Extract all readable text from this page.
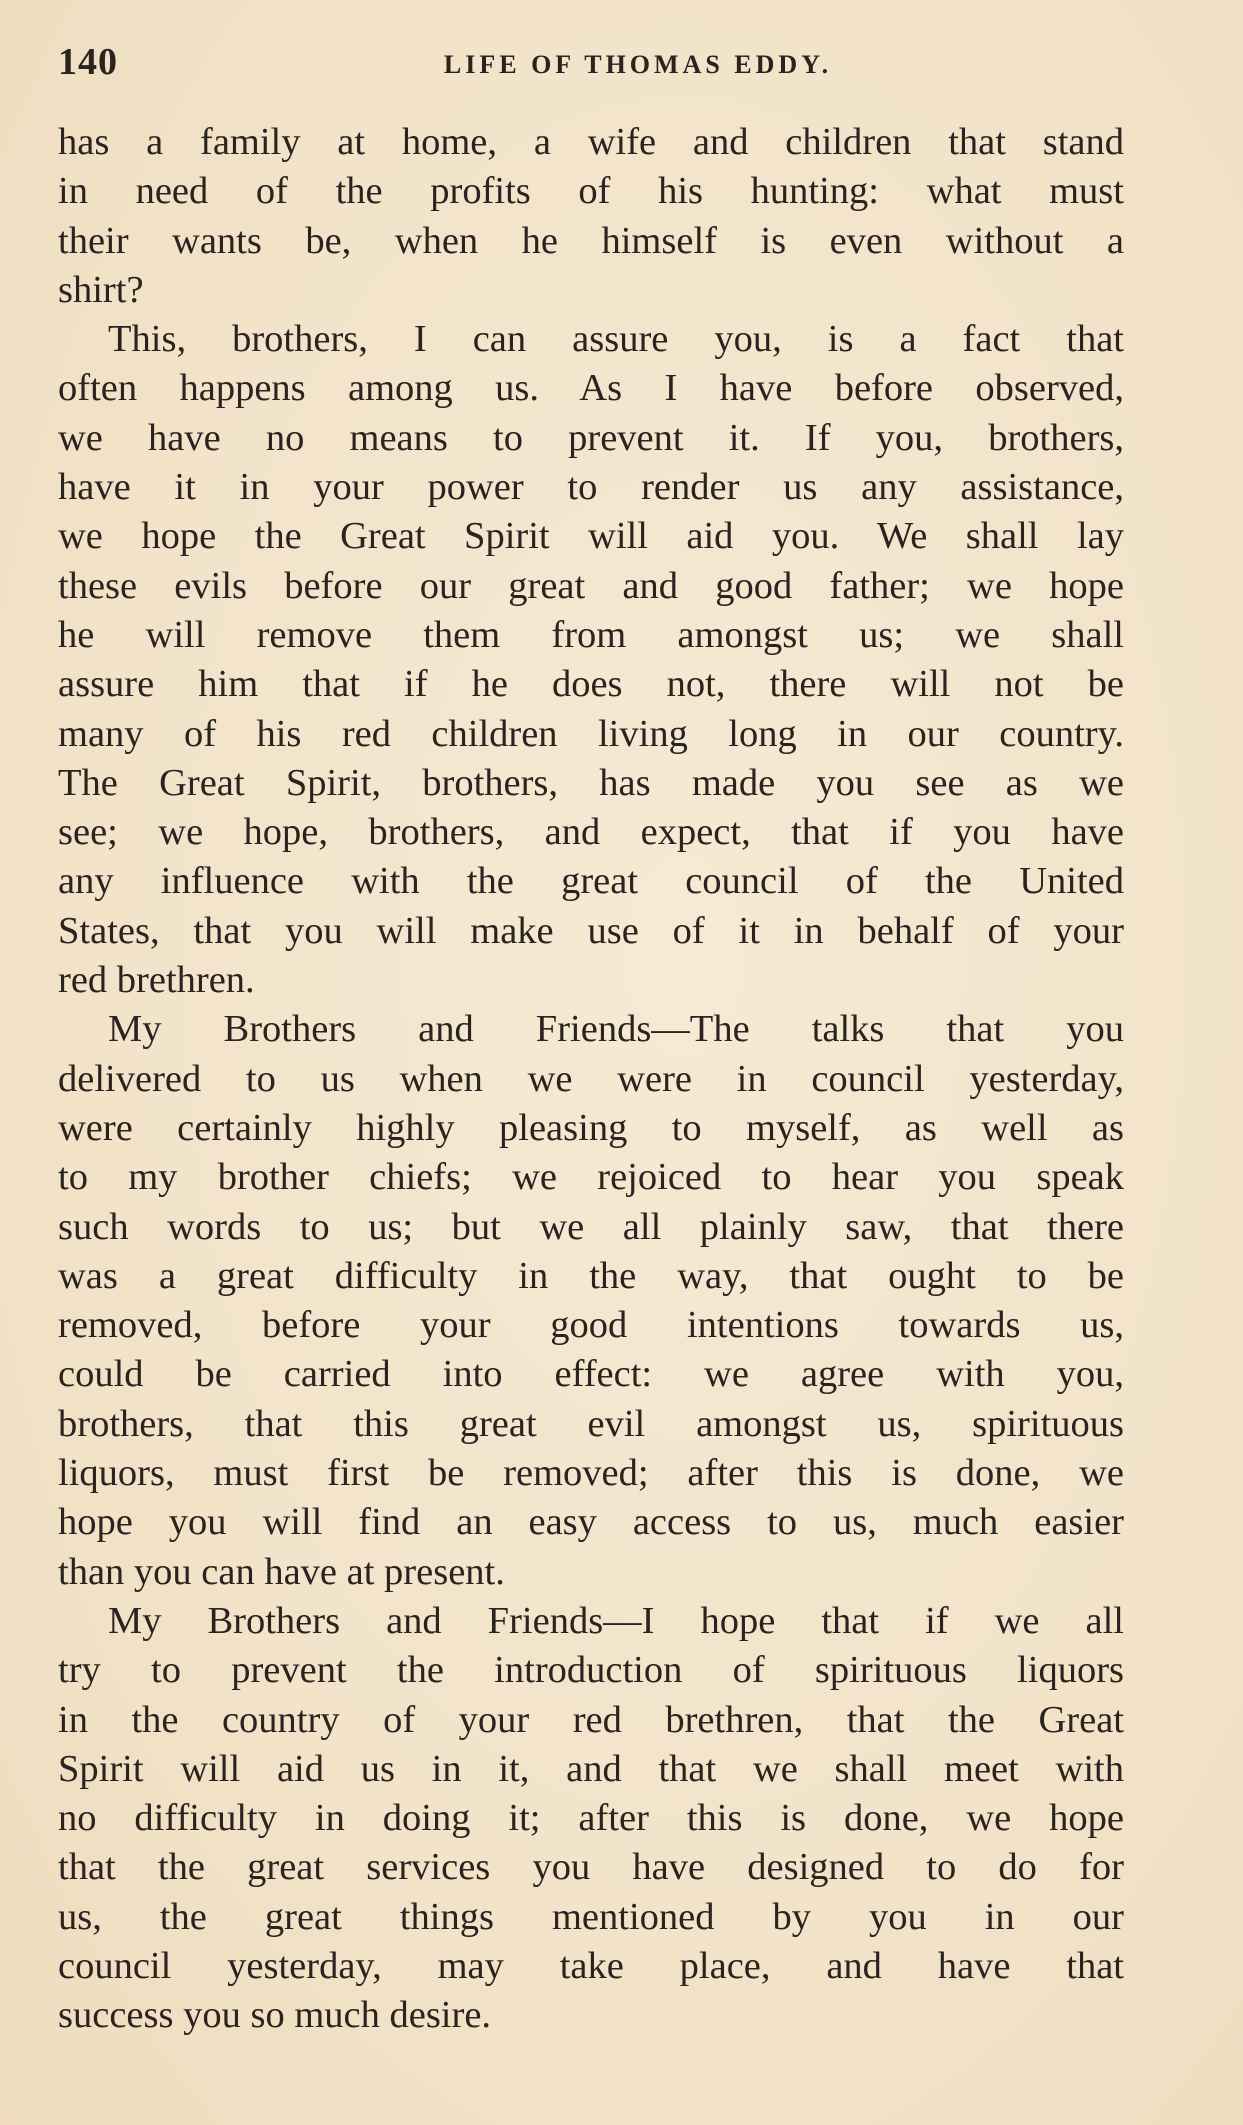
140	LIFE OF THOMAS EDDY.
has a family at home, a wife and children that stand
in need of the profits of his hunting: what must
their wants be, when he himself is even without a
shirt?
This, brothers, I can assure you, is a fact that
often happens among us. As I have before observed,
we have no means to prevent it. If you, brothers,
have it in your power to render us any assistance,
we hope the Great Spirit will aid you. We shall lay
these evils before our great and good father; we hope
he will remove them from amongst us; we shall
assure him that if he does not, there will not be
many of his red children living long in our country.
The Great Spirit, brothers, has made you see as we
see; we hope, brothers, and expect, that if you have
any influence with the great council of the United
States, that you will make use of it in behalf of your
red brethren.
My Brothers and Friends—The talks that you
delivered to us when we were in council yesterday,
were certainly highly pleasing to myself, as well as
to my brother chiefs; we rejoiced to hear you speak
such words to us; but we all plainly saw, that there
was a great difficulty in the way, that ought to be
removed, before your good intentions towards us,
could be carried into effect: we agree with you,
brothers, that this great evil amongst us, spirituous
liquors, must first be removed; after this is done, we
hope you will find an easy access to us, much easier
than you can have at present.
My Brothers and Friends—I hope that if we all
try to prevent the introduction of spirituous liquors
in the country of your red brethren, that the Great
Spirit will aid us in it, and that we shall meet with
no difficulty in doing it; after this is done, we hope
that the great services you have designed to do for
us, the great things mentioned by you in our
council yesterday, may take place, and have that
success you so much desire.
